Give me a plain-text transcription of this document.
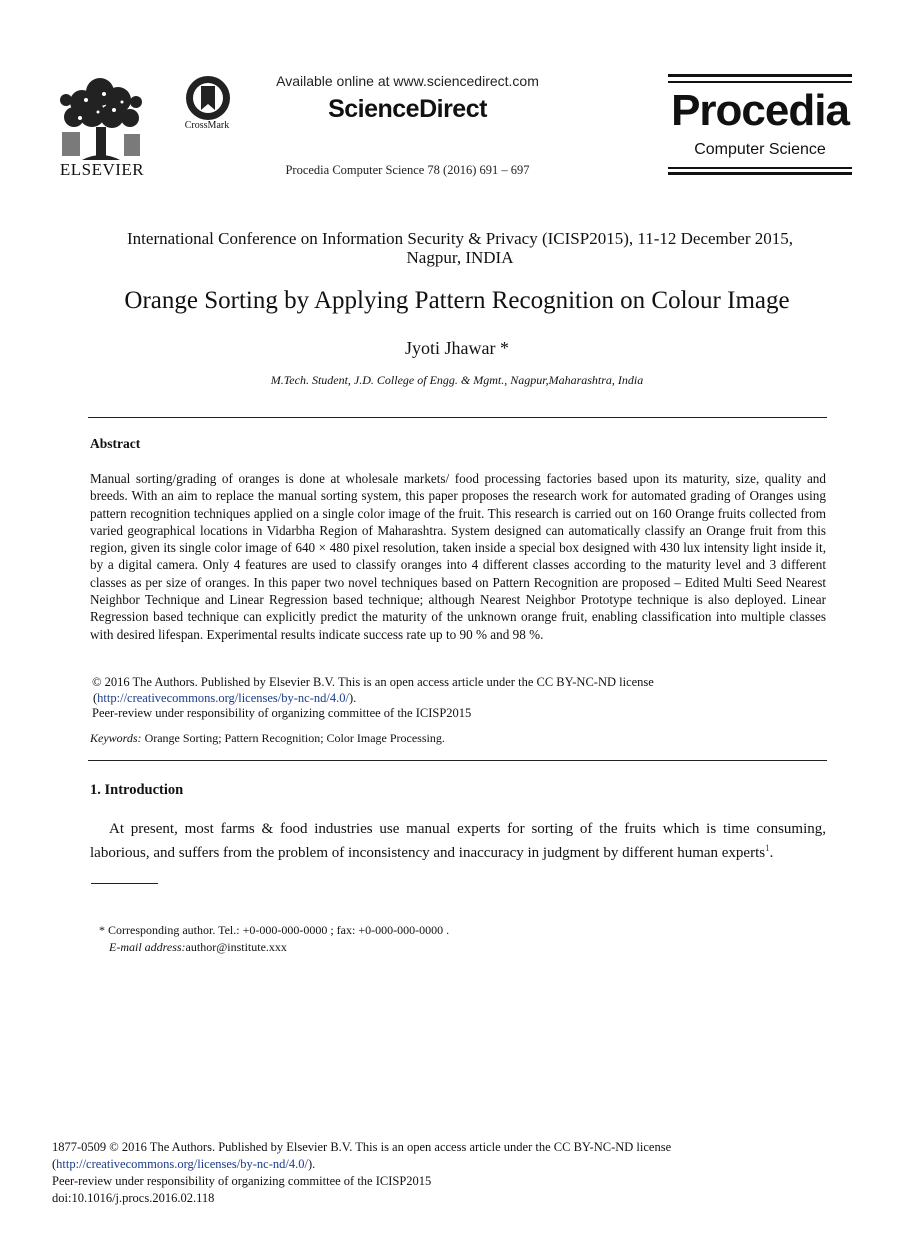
ELSEVIER
CrossMark
Available online at www.sciencedirect.com
ScienceDirect
Procedia Computer Science 78 (2016) 691 – 697
Procedia
Computer Science
International Conference on Information Security & Privacy (ICISP2015), 11-12 December 2015,
Nagpur, INDIA
Orange Sorting by Applying Pattern Recognition on Colour Image
Jyoti Jhawar *
M.Tech. Student, J.D. College of Engg. & Mgmt., Nagpur,Maharashtra, India
Abstract
Manual sorting/grading of oranges is done at wholesale markets/ food processing factories based upon its maturity, size, quality and breeds. With an aim to replace the manual sorting system, this paper proposes the research work for automated grading of Oranges using pattern recognition techniques applied on a single color image of the fruit. This research is carried out on 160 Orange fruits collected from varied geographical locations in Vidarbha Region of Maharashtra. System designed can automatically classify an Orange fruit from this region, given its single color image of 640 × 480 pixel resolution, taken inside a special box designed with 430 lux intensity light inside it, by a digital camera. Only 4 features are used to classify oranges into 4 different classes according to the maturity level and 3 different classes as per size of oranges. In this paper two novel techniques based on Pattern Recognition are proposed – Edited Multi Seed Nearest Neighbor Technique and Linear Regression based technique; although Nearest Neighbor Prototype technique is also deployed. Linear Regression based technique can explicitly predict the maturity of the unknown orange fruit, enabling classification into multiple classes with desired lifespan. Experimental results indicate success rate up to 90 % and 98 %.
© 2016 The Authors. Published by Elsevier B.V. This is an open access article under the CC BY-NC-ND license
(http://creativecommons.org/licenses/by-nc-nd/4.0/).
Peer-review under responsibility of organizing committee of the ICISP2015
Keywords: Orange Sorting; Pattern Recognition; Color Image Processing.
1. Introduction
At present, most farms & food industries use manual experts for sorting of the fruits which is time consuming, laborious, and suffers from the problem of inconsistency and inaccuracy in judgment by different human experts$^1$.
* Corresponding author. Tel.: +0-000-000-0000 ; fax: +0-000-000-0000 .
E-mail address:author@institute.xxx
1877-0509 © 2016 The Authors. Published by Elsevier B.V. This is an open access article under the CC BY-NC-ND license
(http://creativecommons.org/licenses/by-nc-nd/4.0/).
Peer-review under responsibility of organizing committee of the ICISP2015
doi:10.1016/j.procs.2016.02.118
